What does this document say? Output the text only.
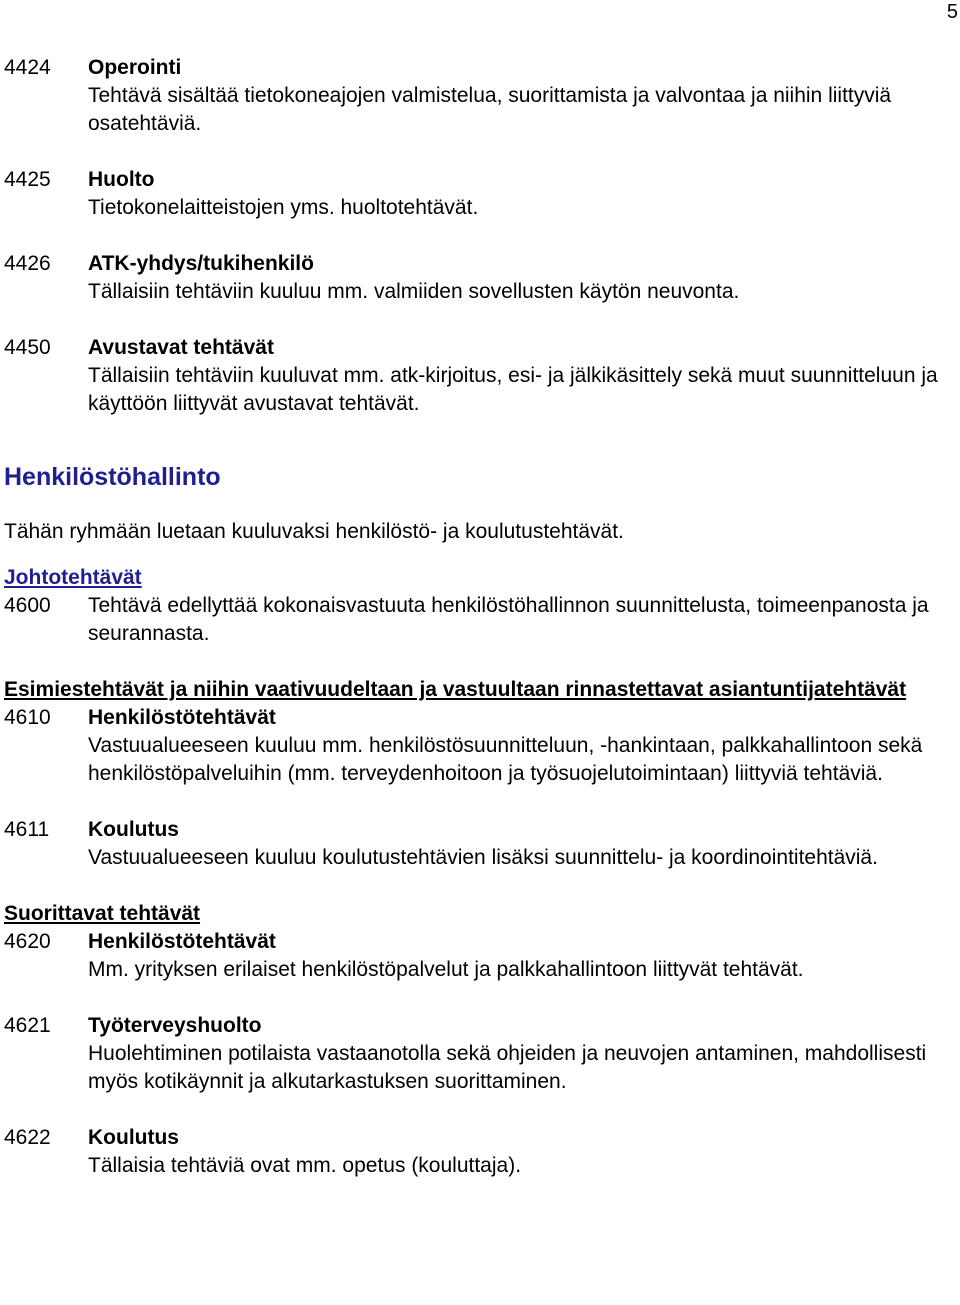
5
4424	Operointi
Tehtävä sisältää tietokoneajojen valmistelua, suorittamista ja valvontaa ja niihin liittyviä osatehtäviä.
4425	Huolto
Tietokonelaitteistojen yms. huoltotehtävät.
4426	ATK-yhdys/tukihenkilö
Tällaisiin tehtäviin kuuluu mm. valmiiden sovellusten käytön neuvonta.
4450	Avustavat tehtävät
Tällaisiin tehtäviin kuuluvat mm. atk-kirjoitus, esi- ja jälkikäsittely sekä muut suunnitteluun ja käyttöön liittyvät avustavat tehtävät.
Henkilöstöhallinto
Tähän ryhmään luetaan kuuluvaksi henkilöstö- ja koulutustehtävät.
Johtotehtävät
4600	Tehtävä edellyttää kokonaisvastuuta henkilöstöhallinnon suunnittelusta, toimeenpanosta ja seurannasta.
Esimiestehtävät ja niihin vaativuudeltaan ja vastuultaan rinnastettavat asiantuntijatehtävät
4610	Henkilöstötehtävät
Vastuualueeseen kuuluu mm. henkilöstösuunnitteluun, -hankintaan, palkkahallintoon sekä henkilöstöpalveluihin (mm. terveydenhoitoon ja työsuojelutoimintaan) liittyviä tehtäviä.
4611	Koulutus
Vastuualueeseen kuuluu koulutustehtävien lisäksi suunnittelu- ja koordinointitehtäviä.
Suorittavat tehtävät
4620	Henkilöstötehtävät
Mm. yrityksen erilaiset henkilöstöpalvelut ja palkkahallintoon liittyvät tehtävät.
4621	Työterveyshuolto
Huolehtiminen potilaista vastaanotolla sekä ohjeiden ja neuvojen antaminen, mahdollisesti myös kotikäynnit ja alkutarkastuksen suorittaminen.
4622	Koulutus
Tällaisia tehtäviä ovat mm. opetus (kouluttaja).
